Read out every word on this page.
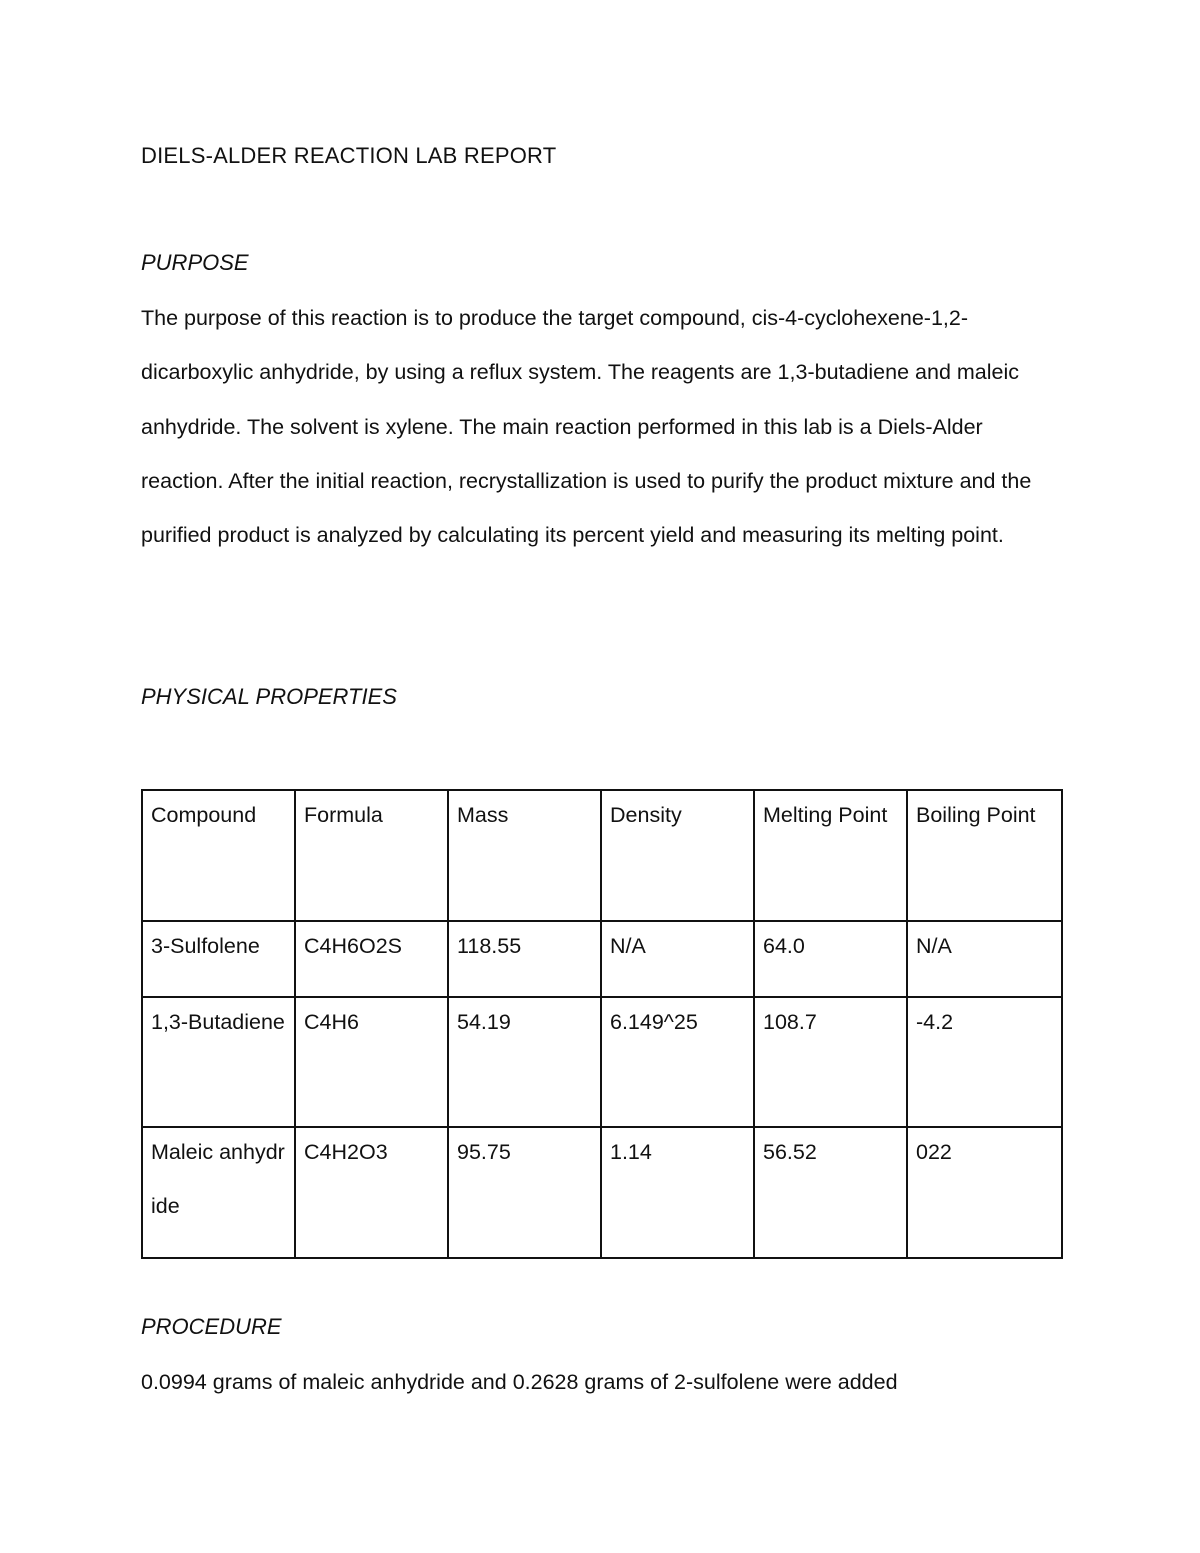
DIELS-ALDER REACTION LAB REPORT
PURPOSE

The purpose of this reaction is to produce the target compound, cis-4-cyclohexene-1,2-dicarboxylic anhydride, by using a reflux system. The reagents are 1,3-butadiene and maleic anhydride. The solvent is xylene. The main reaction performed in this lab is a Diels-Alder reaction. After the initial reaction, recrystallization is used to purify the product mixture and the purified product is analyzed by calculating its percent yield and measuring its melting point.

PHYSICAL PROPERTIES
Compound	Formula	Mass	Density	Melting Point	Boiling Point

3-Sulfolene	C4H6O2S	118.55	N/A	64.0	N/A

1,3-Butadiene	C4H6	54.19	6.149^25	108.7	-4.2

Maleic anhydride	C4H2O3	95.75	1.14	56.52	022
PROCEDURE

0.0994 grams of maleic anhydride and 0.2628 grams of 2-sulfolene were added
